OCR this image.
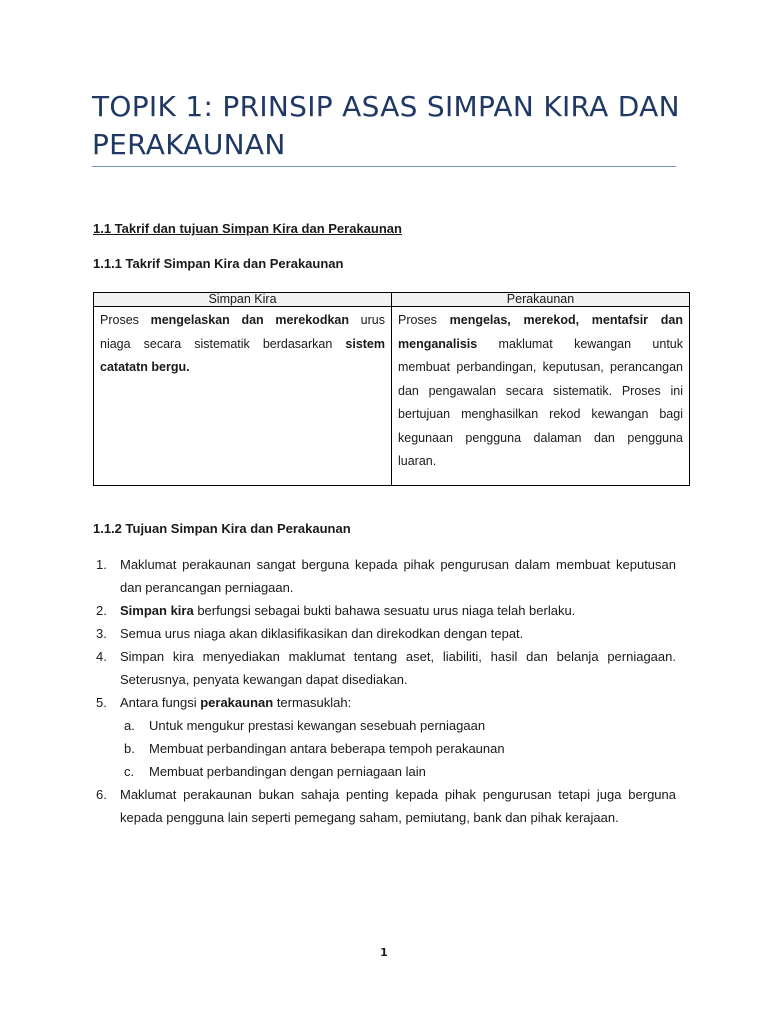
TOPIK 1: PRINSIP ASAS SIMPAN KIRA DAN PERAKAUNAN

1.1 Takrif dan tujuan Simpan Kira dan Perakaunan

1.1.1 Takrif Simpan Kira dan Perakaunan

Simpan Kira	Perakaunan
Proses mengelaskan dan merekodkan urus niaga secara sistematik berdasarkan sistem catatatn bergu.	Proses mengelas, merekod, mentafsir dan menganalisis maklumat kewangan untuk membuat perbandingan, keputusan, perancangan dan pengawalan secara sistematik. Proses ini bertujuan menghasilkan rekod kewangan bagi kegunaan pengguna dalaman dan pengguna luaran.

1.1.2 Tujuan Simpan Kira dan Perakaunan

1. Maklumat perakaunan sangat berguna kepada pihak pengurusan dalam membuat keputusan dan perancangan perniagaan.
2. Simpan kira berfungsi sebagai bukti bahawa sesuatu urus niaga telah berlaku.
3. Semua urus niaga akan diklasifikasikan dan direkodkan dengan tepat.
4. Simpan kira menyediakan maklumat tentang aset, liabiliti, hasil dan belanja perniagaan. Seterusnya, penyata kewangan dapat disediakan.
5. Antara fungsi perakaunan termasuklah:
a. Untuk mengukur prestasi kewangan sesebuah perniagaan
b. Membuat perbandingan antara beberapa tempoh perakaunan
c. Membuat perbandingan dengan perniagaan lain
6. Maklumat perakaunan bukan sahaja penting kepada pihak pengurusan tetapi juga berguna kepada pengguna lain seperti pemegang saham, pemiutang, bank dan pihak kerajaan.
1
